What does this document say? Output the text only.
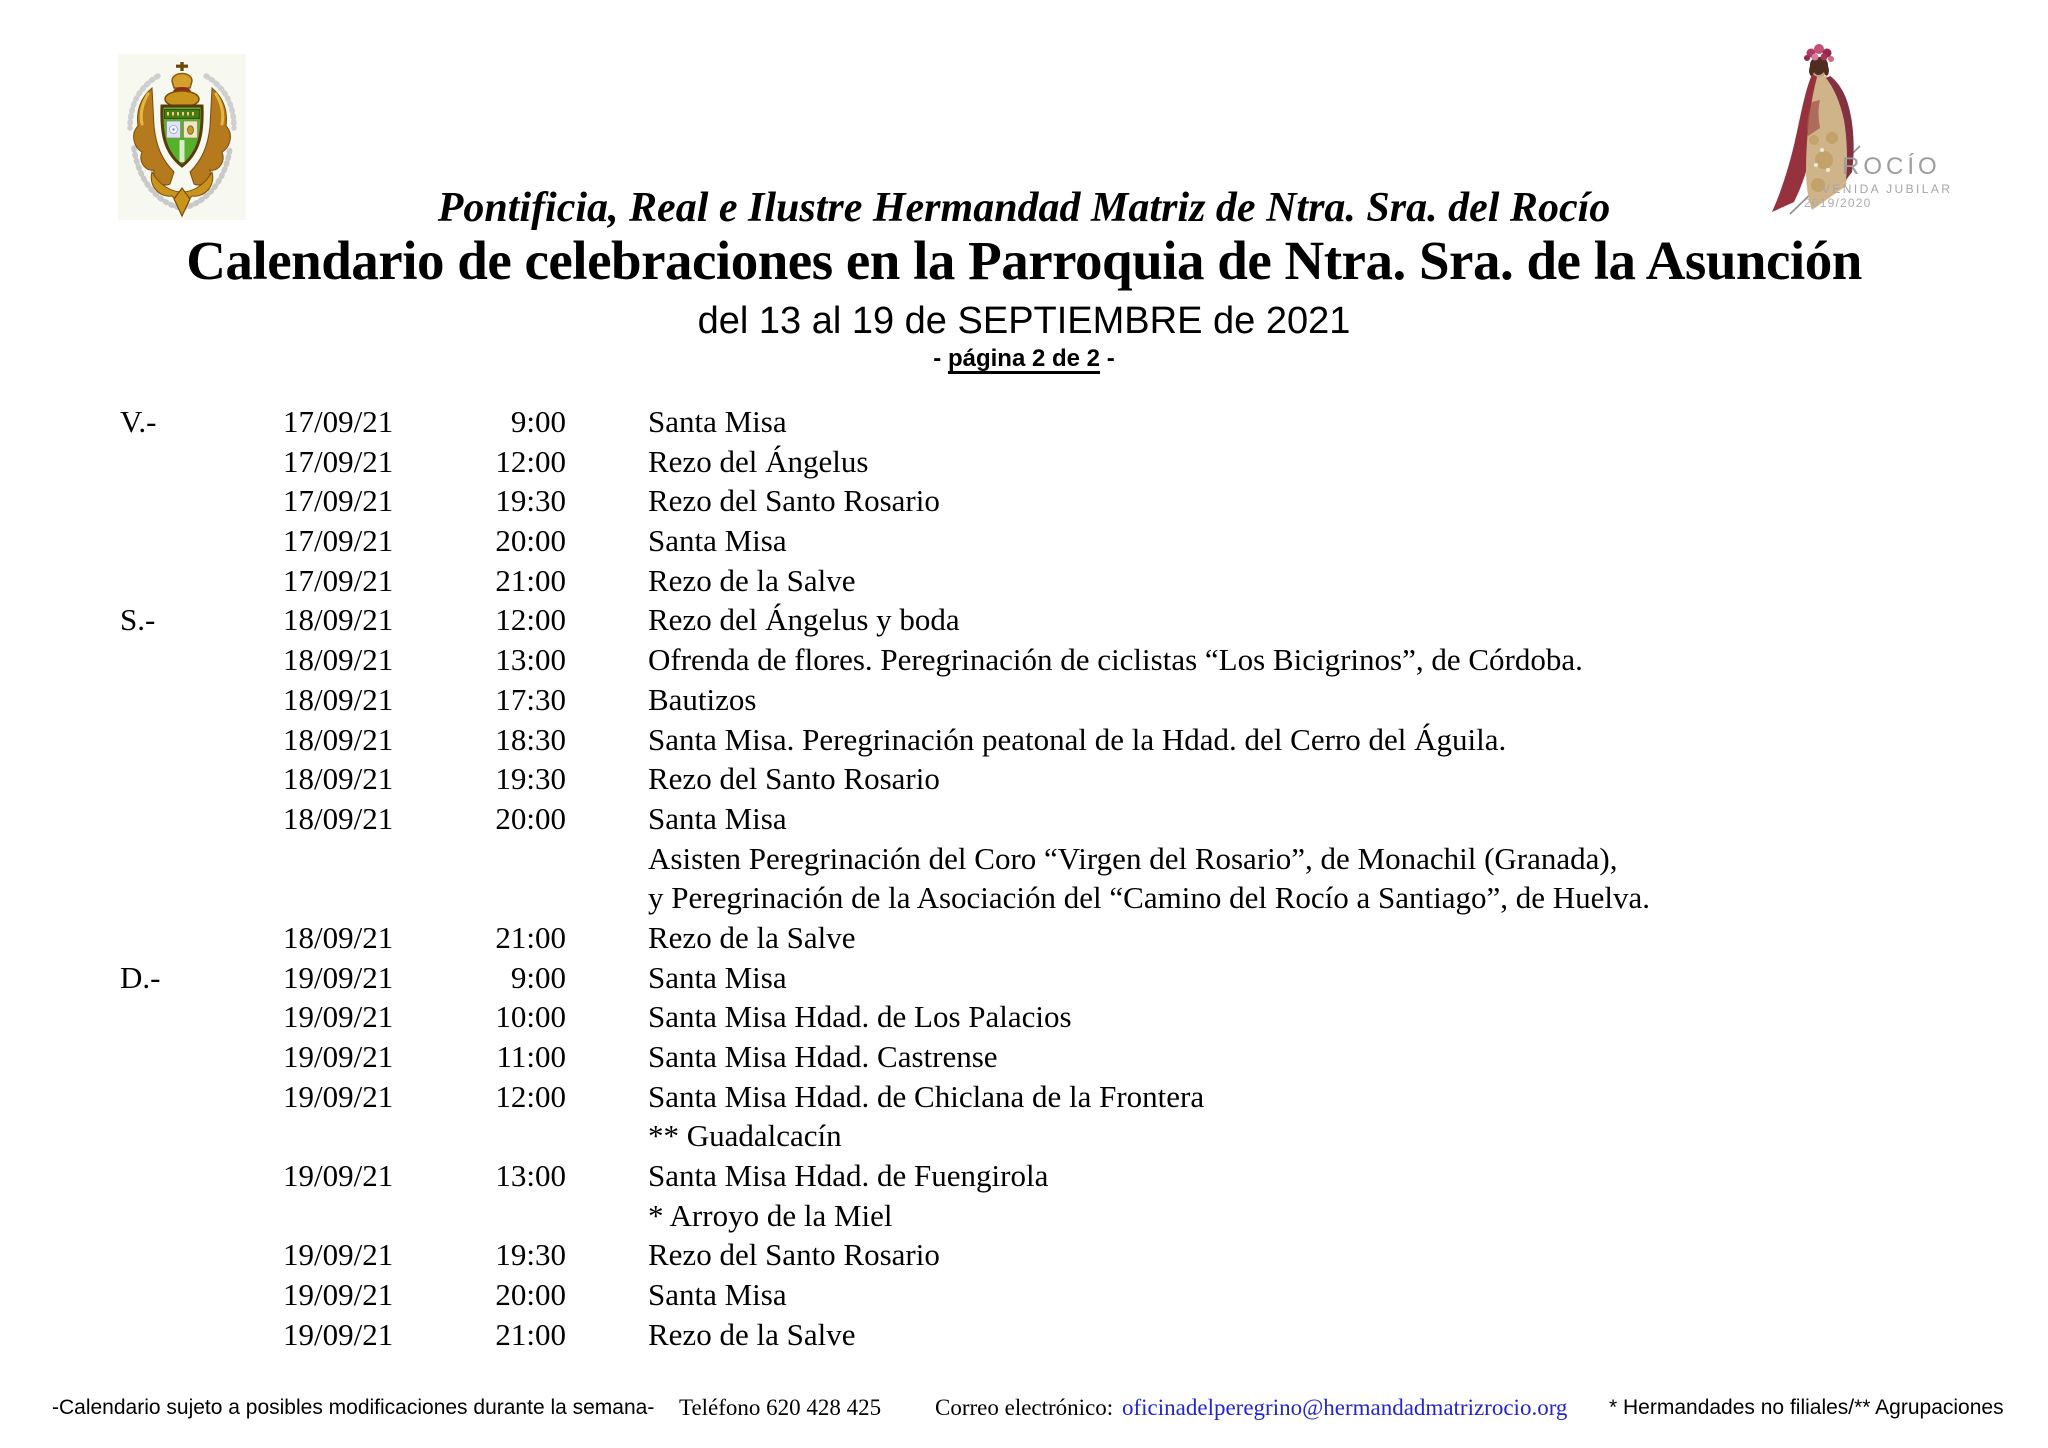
ROCÍO
VENIDA JUBILAR
2019/2020
Pontificia, Real e Ilustre Hermandad Matriz de Ntra. Sra. del Rocío
Calendario de celebraciones en la Parroquia de Ntra. Sra. de la Asunción
del 13 al 19 de SEPTIEMBRE de 2021
- página 2 de 2 -
V.-	17/09/21	9:00	Santa Misa
17/09/21	12:00	Rezo del Ángelus
17/09/21	19:30	Rezo del Santo Rosario
17/09/21	20:00	Santa Misa
17/09/21	21:00	Rezo de la Salve
S.-	18/09/21	12:00	Rezo del Ángelus y boda
18/09/21	13:00	Ofrenda de flores. Peregrinación de ciclistas “Los Bicigrinos”, de Córdoba.
18/09/21	17:30	Bautizos
18/09/21	18:30	Santa Misa. Peregrinación peatonal de la Hdad. del Cerro del Águila.
18/09/21	19:30	Rezo del Santo Rosario
18/09/21	20:00	Santa Misa
Asisten Peregrinación del Coro “Virgen del Rosario”, de Monachil (Granada),
y Peregrinación de la Asociación del “Camino del Rocío a Santiago”, de Huelva.
18/09/21	21:00	Rezo de la Salve
D.-	19/09/21	9:00	Santa Misa
19/09/21	10:00	Santa Misa Hdad. de Los Palacios
19/09/21	11:00	Santa Misa Hdad. Castrense
19/09/21	12:00	Santa Misa Hdad. de Chiclana de la Frontera
** Guadalcacín
19/09/21	13:00	Santa Misa Hdad. de Fuengirola
* Arroyo de la Miel
19/09/21	19:30	Rezo del Santo Rosario
19/09/21	20:00	Santa Misa
19/09/21	21:00	Rezo de la Salve
-Calendario sujeto a posibles modificaciones durante la semana- Teléfono 620 428 425 Correo electrónico: oficinadelperegrino@hermandadmatrizrocio.org * Hermandades no filiales/** Agrupaciones
